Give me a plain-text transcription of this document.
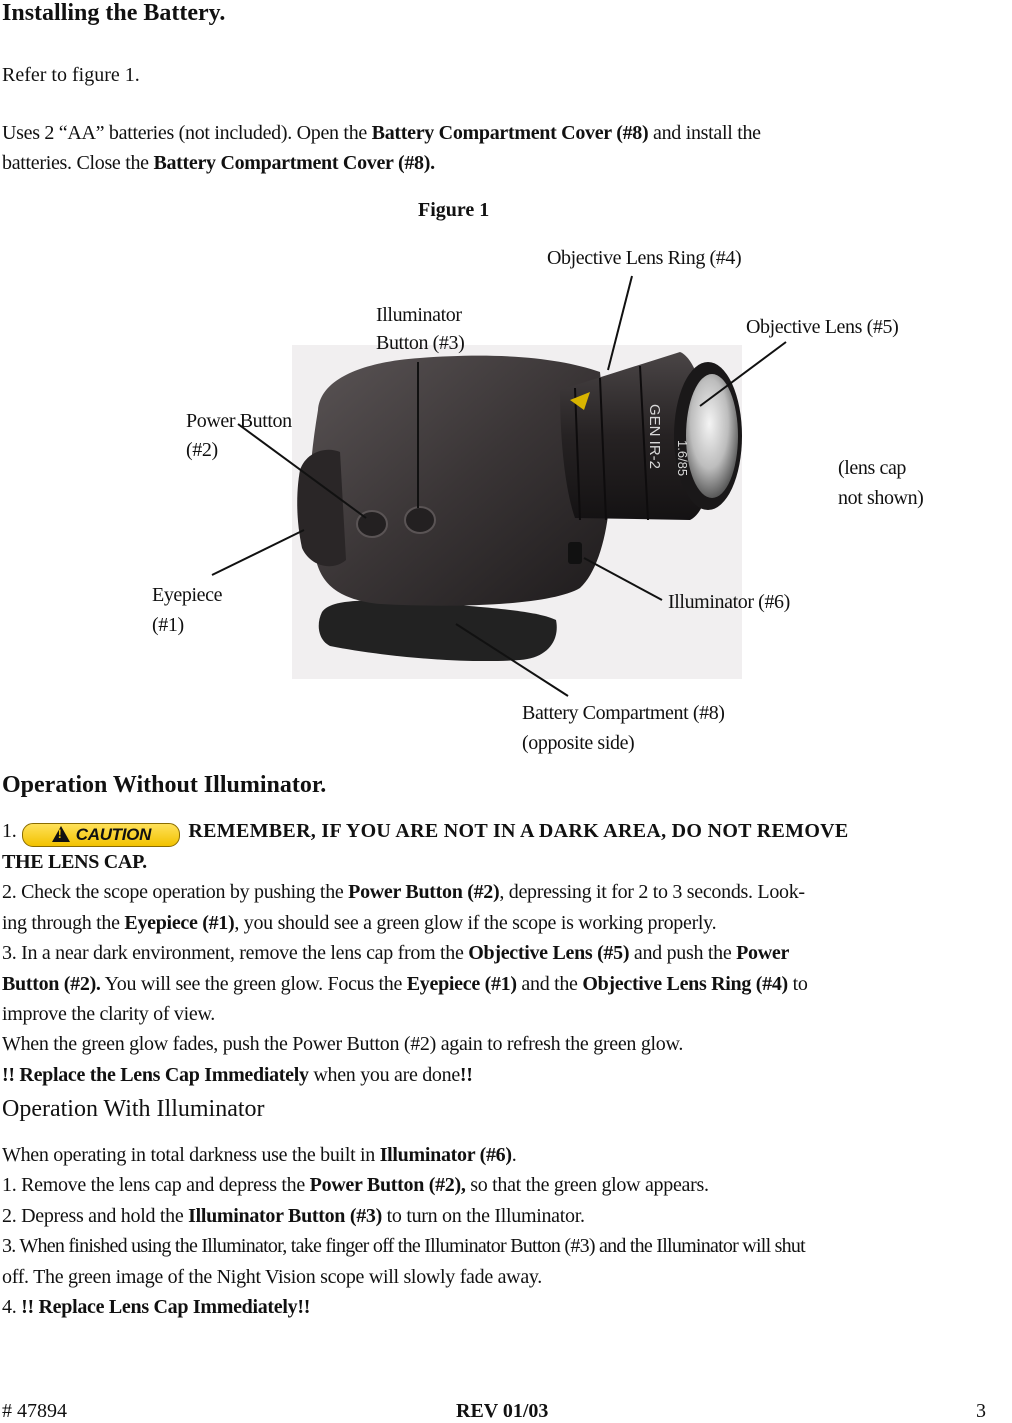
Installing the Battery.
Refer to figure 1.
Uses 2 “AA” batteries (not included). Open the Battery Compartment Cover (#8) and install the
batteries. Close the Battery Compartment Cover (#8).
Figure 1
GEN IR-2 1.6/85
Objective Lens Ring (#4)
Illuminator
Button (#3)
Objective Lens (#5)
Power Button
(#2)
(lens cap
not shown)
Eyepiece
(#1)
Illuminator (#6)
Battery Compartment (#8)
(opposite side)
Operation Without Illuminator.
1.!	CAUTION REMEMBER, IF YOU ARE NOT IN A DARK AREA, DO NOT REMOVE
THE LENS CAP.
2. Check the scope operation by pushing the Power Button (#2), depressing it for 2 to 3 seconds. Look-
ing through the Eyepiece (#1), you should see a green glow if the scope is working properly.
3. In a near dark environment, remove the lens cap from the Objective Lens (#5) and push the Power
Button (#2). You will see the green glow. Focus the Eyepiece (#1) and the Objective Lens Ring (#4) to
improve the clarity of view.
When the green glow fades, push the Power Button (#2) again to refresh the green glow.
!! Replace the Lens Cap Immediately when you are done!!
Operation With Illuminator
When operating in total darkness use the built in Illuminator (#6).
1. Remove the lens cap and depress the Power Button (#2), so that the green glow appears.
2. Depress and hold the Illuminator Button (#3) to turn on the Illuminator.
3. When finished using the Illuminator, take finger off the Illuminator Button (#3) and the Illuminator will shut
off. The green image of the Night Vision scope will slowly fade away.
4. !! Replace Lens Cap Immediately!!
# 47894	REV 01/03	3
